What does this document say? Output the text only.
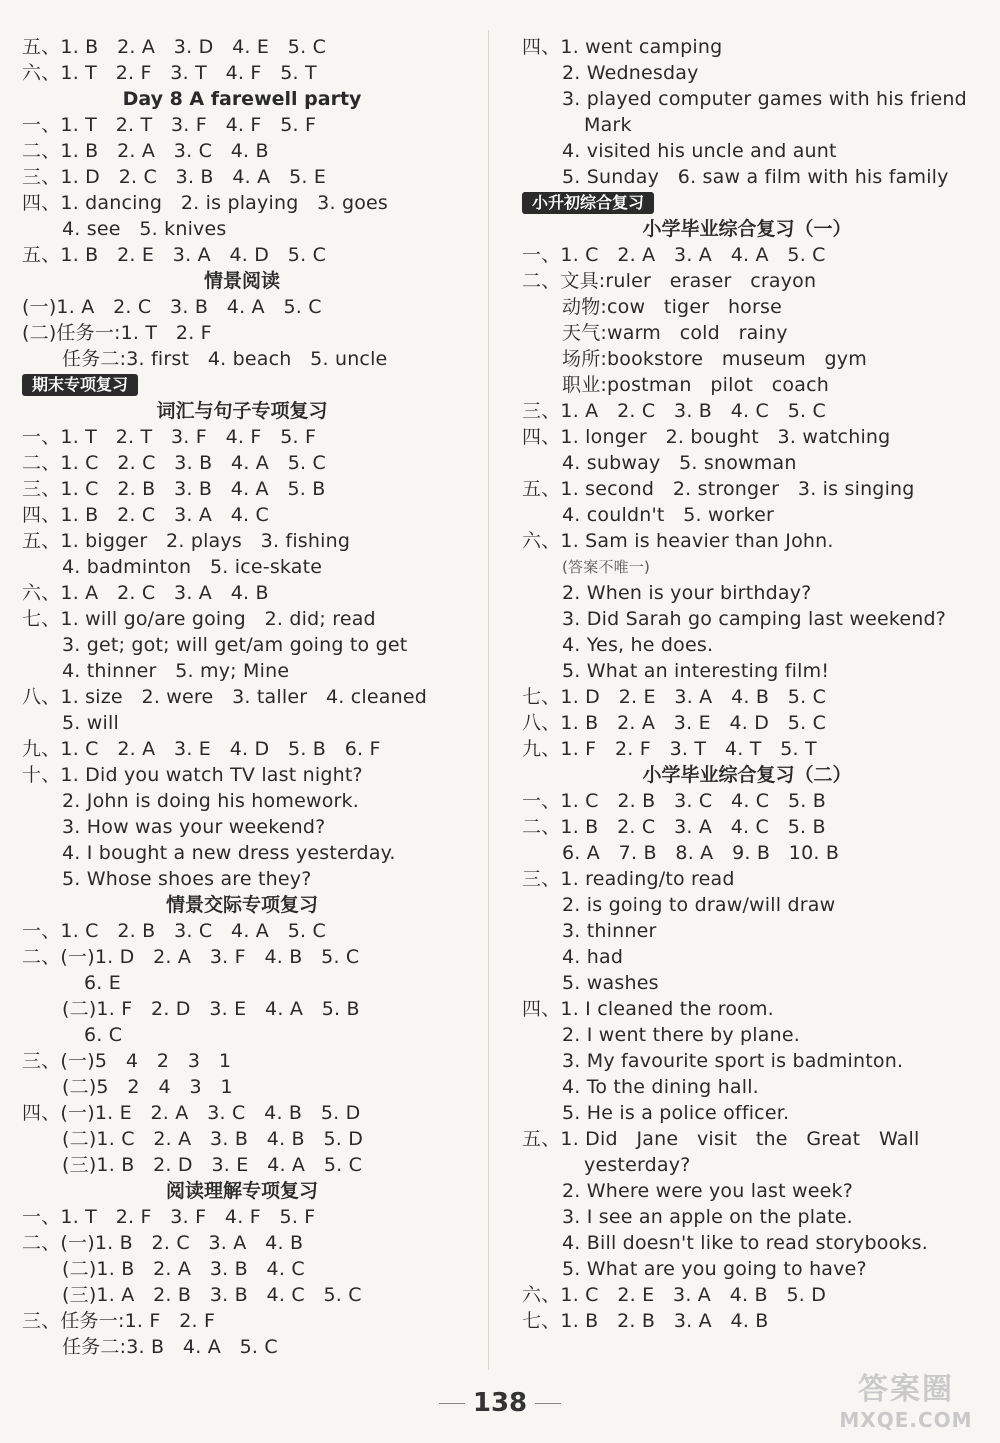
五、1. B   2. A   3. D   4. E   5. C
六、1. T   2. F   3. T   4. F   5. T
Day 8 A farewell party
一、1. T   2. T   3. F   4. F   5. F
二、1. B   2. A   3. C   4. B
三、1. D   2. C   3. B   4. A   5. E
四、1. dancing   2. is playing   3. goes
4. see   5. knives
五、1. B   2. E   3. A   4. D   5. C
情景阅读
(一)1. A   2. C   3. B   4. A   5. C
(二)任务一:1. T   2. F
任务二:3. first   4. beach   5. uncle
期末专项复习
词汇与句子专项复习
一、1. T   2. T   3. F   4. F   5. F
二、1. C   2. C   3. B   4. A   5. C
三、1. C   2. B   3. B   4. A   5. B
四、1. B   2. C   3. A   4. C
五、1. bigger   2. plays   3. fishing
4. badminton   5. ice-skate
六、1. A   2. C   3. A   4. B
七、1. will go/are going   2. did; read
3. get; got; will get/am going to get
4. thinner   5. my; Mine
八、1. size   2. were   3. taller   4. cleaned
5. will
九、1. C   2. A   3. E   4. D   5. B   6. F
十、1. Did you watch TV last night?
2. John is doing his homework.
3. How was your weekend?
4. I bought a new dress yesterday.
5. Whose shoes are they?
情景交际专项复习
一、1. C   2. B   3. C   4. A   5. C
二、(一)1. D   2. A   3. F   4. B   5. C
6. E
(二)1. F   2. D   3. E   4. A   5. B
6. C
三、(一)5   4   2   3   1
(二)5   2   4   3   1
四、(一)1. E   2. A   3. C   4. B   5. D
(二)1. C   2. A   3. B   4. B   5. D
(三)1. B   2. D   3. E   4. A   5. C
阅读理解专项复习
一、1. T   2. F   3. F   4. F   5. F
二、(一)1. B   2. C   3. A   4. B
(二)1. B   2. A   3. B   4. C
(三)1. A   2. B   3. B   4. C   5. C
三、任务一:1. F   2. F
任务二:3. B   4. A   5. C
四、1. went camping
2. Wednesday
3. played computer games with his friend
Mark
4. visited his uncle and aunt
5. Sunday   6. saw a film with his family
小升初综合复习
小学毕业综合复习（一）
一、1. C   2. A   3. A   4. A   5. C
二、文具:ruler   eraser   crayon
动物:cow   tiger   horse
天气:warm   cold   rainy
场所:bookstore   museum   gym
职业:postman   pilot   coach
三、1. A   2. C   3. B   4. C   5. C
四、1. longer   2. bought   3. watching
4. subway   5. snowman
五、1. second   2. stronger   3. is singing
4. couldn't   5. worker
六、1. Sam is heavier than John.
(答案不唯一)
2. When is your birthday?
3. Did Sarah go camping last weekend?
4. Yes, he does.
5. What an interesting film!
七、1. D   2. E   3. A   4. B   5. C
八、1. B   2. A   3. E   4. D   5. C
九、1. F   2. F   3. T   4. T   5. T
小学毕业综合复习（二）
一、1. C   2. B   3. C   4. C   5. B
二、1. B   2. C   3. A   4. C   5. B
6. A   7. B   8. A   9. B   10. B
三、1. reading/to read
2. is going to draw/will draw
3. thinner
4. had
5. washes
四、1. I cleaned the room.
2. I went there by plane.
3. My favourite sport is badminton.
4. To the dining hall.
5. He is a police officer.
五、1. Did   Jane   visit   the   Great   Wall
yesterday?
2. Where were you last week?
3. I see an apple on the plate.
4. Bill doesn't like to read storybooks.
5. What are you going to have?
六、1. C   2. E   3. A   4. B   5. D
七、1. B   2. B   3. A   4. B
138	答案圈
MXQE.COM
